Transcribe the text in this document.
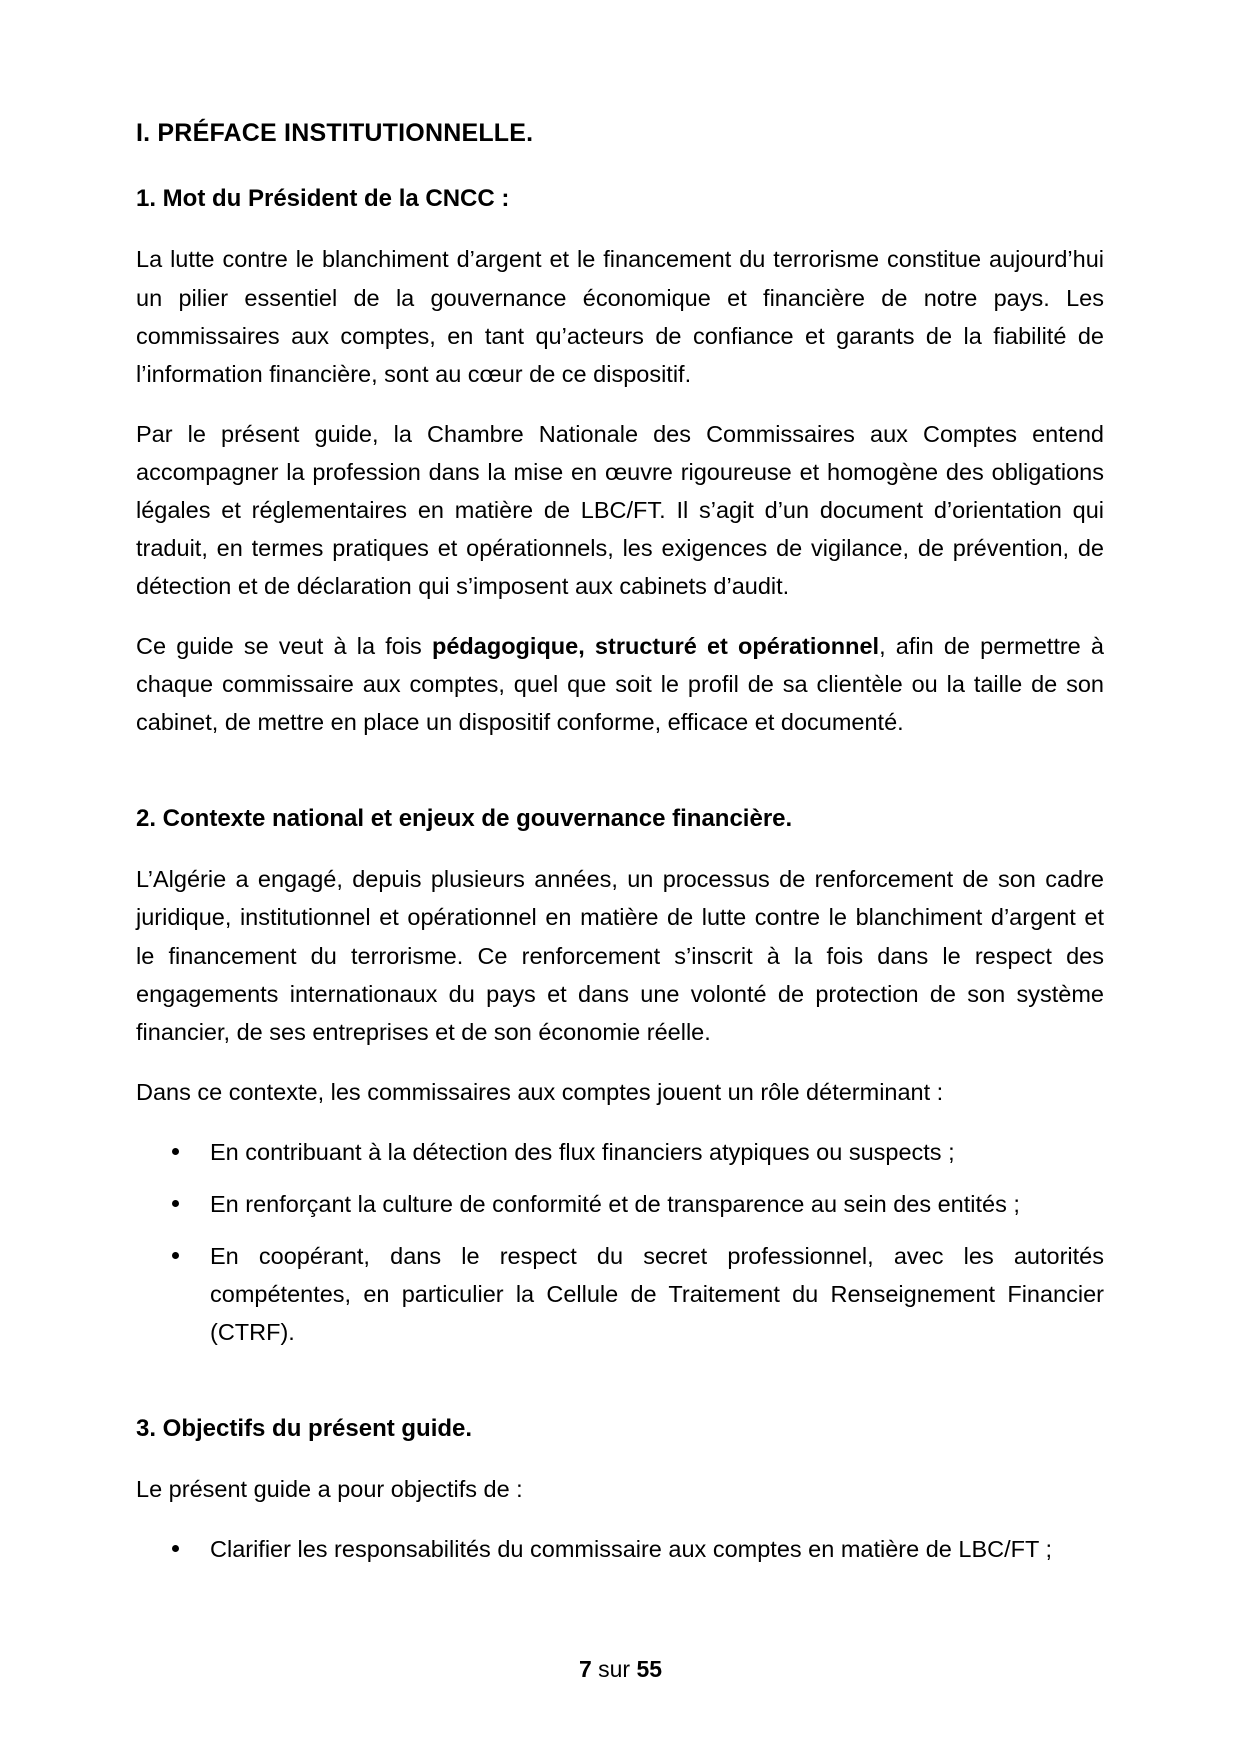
I. PRÉFACE INSTITUTIONNELLE.
1. Mot du Président de la CNCC :

La lutte contre le blanchiment d’argent et le financement du terrorisme constitue aujourd’hui un pilier essentiel de la gouvernance économique et financière de notre pays. Les commissaires aux comptes, en tant qu’acteurs de confiance et garants de la fiabilité de l’information financière, sont au cœur de ce dispositif.

Par le présent guide, la Chambre Nationale des Commissaires aux Comptes entend accompagner la profession dans la mise en œuvre rigoureuse et homogène des obligations légales et réglementaires en matière de LBC/FT. Il s’agit d’un document d’orientation qui traduit, en termes pratiques et opérationnels, les exigences de vigilance, de prévention, de détection et de déclaration qui s’imposent aux cabinets d’audit.

Ce guide se veut à la fois pédagogique, structuré et opérationnel, afin de permettre à chaque commissaire aux comptes, quel que soit le profil de sa clientèle ou la taille de son cabinet, de mettre en place un dispositif conforme, efficace et documenté.

2. Contexte national et enjeux de gouvernance financière.

L’Algérie a engagé, depuis plusieurs années, un processus de renforcement de son cadre juridique, institutionnel et opérationnel en matière de lutte contre le blanchiment d’argent et le financement du terrorisme. Ce renforcement s’inscrit à la fois dans le respect des engagements internationaux du pays et dans une volonté de protection de son système financier, de ses entreprises et de son économie réelle.

Dans ce contexte, les commissaires aux comptes jouent un rôle déterminant :

En contribuant à la détection des flux financiers atypiques ou suspects ;
En renforçant la culture de conformité et de transparence au sein des entités ;
En coopérant, dans le respect du secret professionnel, avec les autorités compétentes, en particulier la Cellule de Traitement du Renseignement Financier (CTRF).
3. Objectifs du présent guide.

Le présent guide a pour objectifs de :

Clarifier les responsabilités du commissaire aux comptes en matière de LBC/FT ;
7 sur 55
